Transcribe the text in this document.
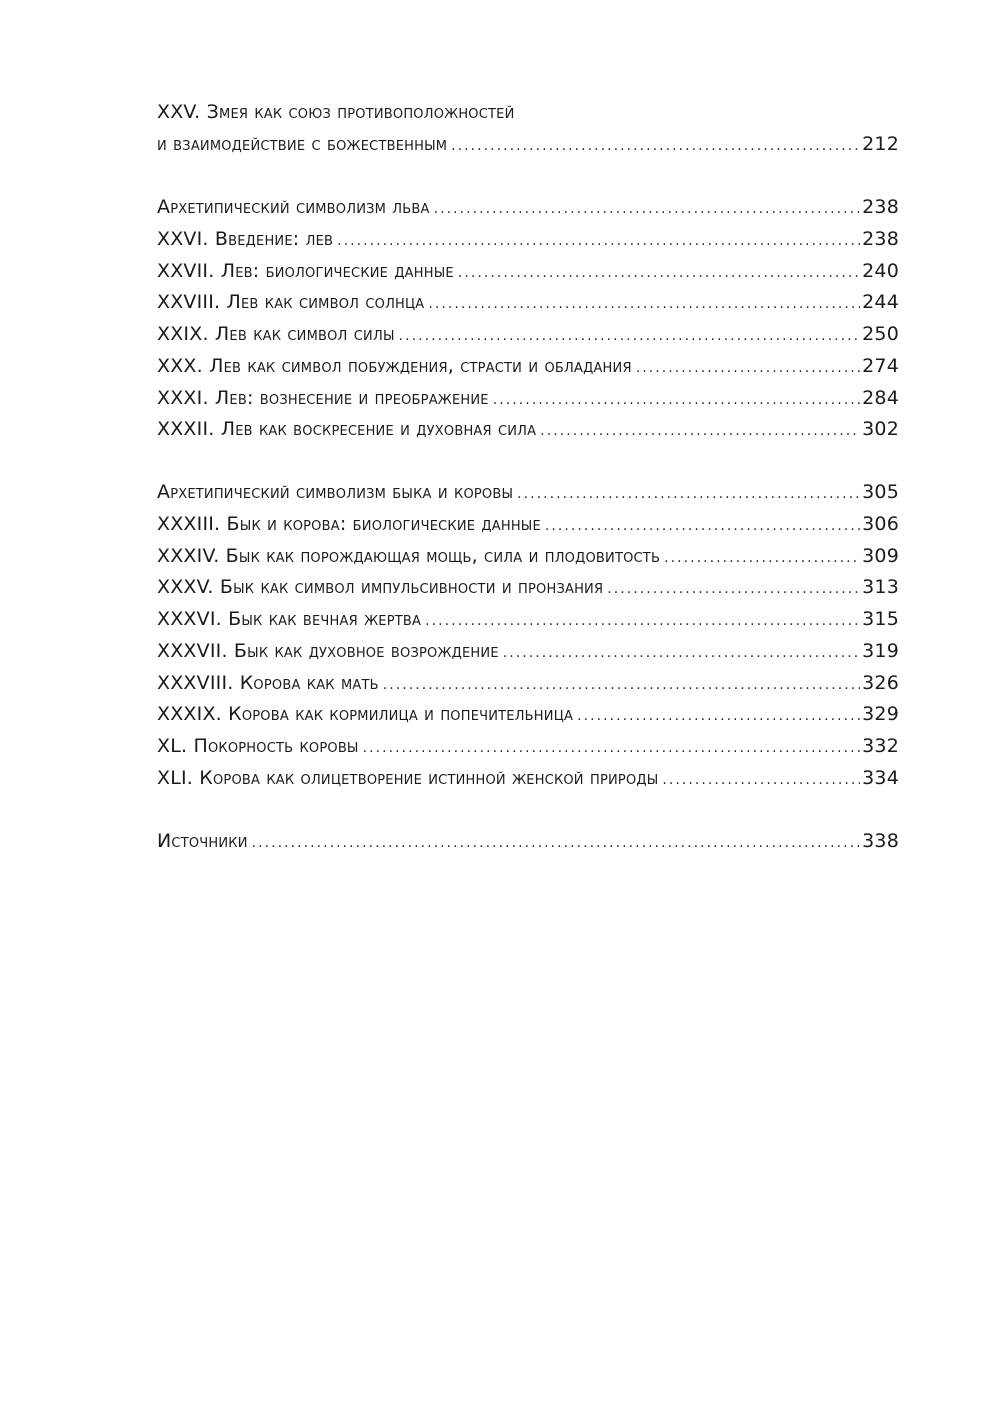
XXV. Змея как союз противоположностей
и взаимодействие с божественным . . .	212
Архетипический символизм льва . . .	238
XXVI. Введение: лев . . .	238
XXVII. Лев: биологические данные . . .	240
XXVIII. Лев как символ солнца . . .	244
XXIX. Лев как символ силы . . .	250
XXX. Лев как символ побуждения, страсти и обладания . . .	274
XXXI. Лев: вознесение и преображение . . .	284
XXXII. Лев как воскресение и духовная сила . . .	302
Архетипический символизм быка и коровы . . .	305
XXXIII. Бык и корова: биологические данные . . .	306
XXXIV. Бык как порождающая мощь, сила и плодовитость . . .	309
XXXV. Бык как символ импульсивности и пронзания . . .	313
XXXVI. Бык как вечная жертва . . .	315
XXXVII. Бык как духовное возрождение . . .	319
XXXVIII. Корова как мать . . .	326
XXXIX. Корова как кормилица и попечительница . . .	329
XL. Покорность коровы . . .	332
XLI. Корова как олицетворение истинной женской природы . . .	334
Источники . . .	338
